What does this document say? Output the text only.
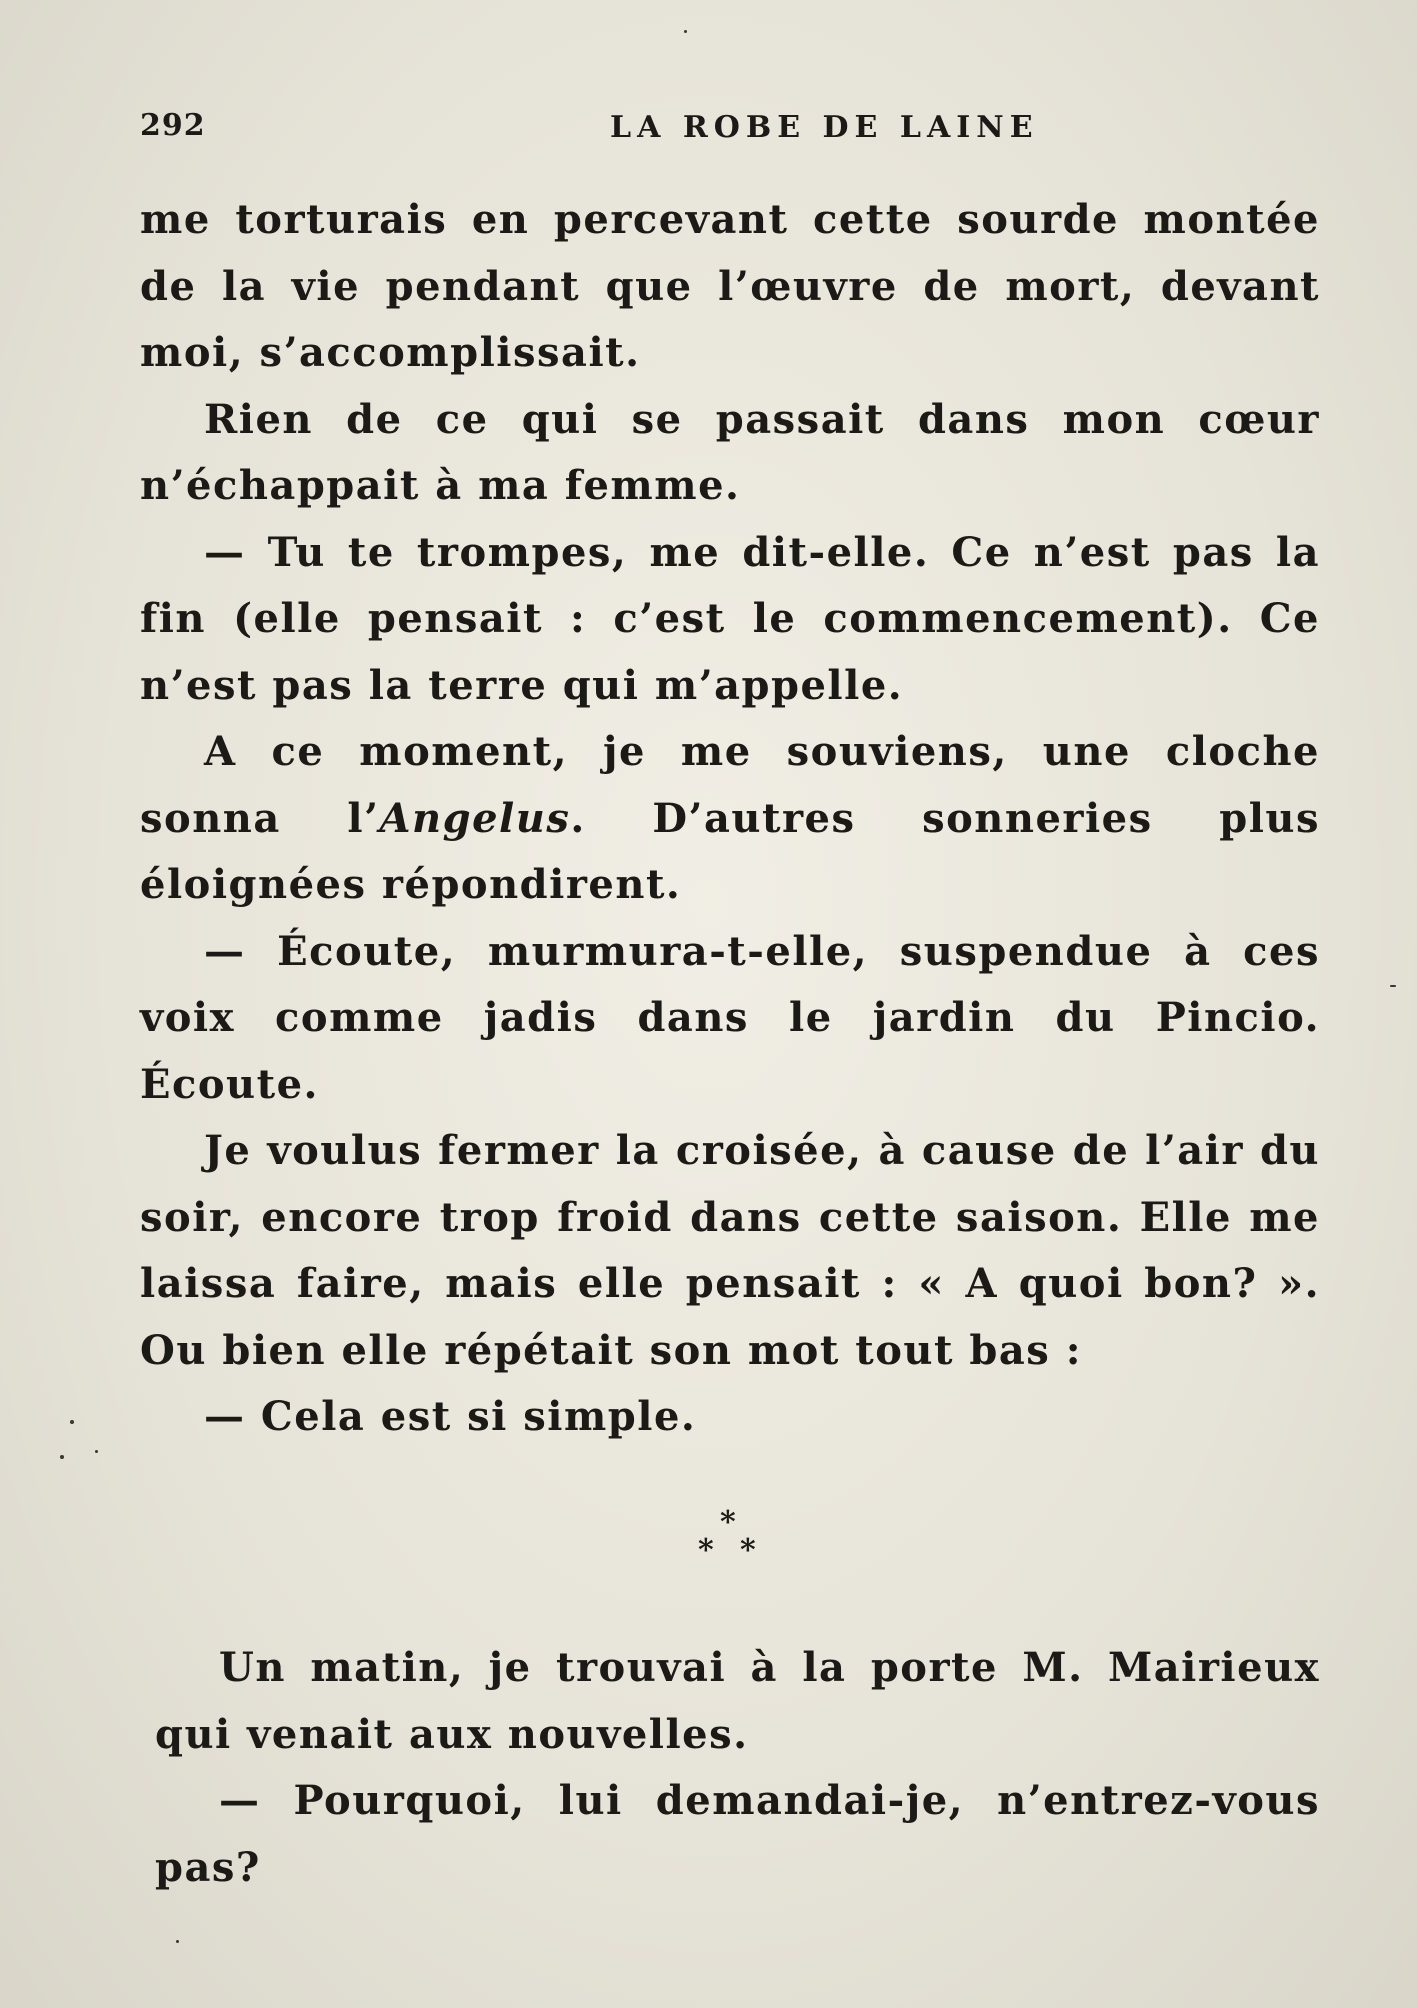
292	LA ROBE DE LAINE

me torturais en percevant cette sourde montée de la vie pendant que l’œuvre de mort, devant moi, s’accomplissait.

Rien de ce qui se passait dans mon cœur n’échappait à ma femme.

— Tu te trompes, me dit-elle. Ce n’est pas la fin (elle pensait : c’est le commencement). Ce n’est pas la terre qui m’appelle.

A ce moment, je me souviens, une cloche sonna l’Angelus. D’autres sonneries plus éloignées répondirent.

— Écoute, murmura-t-elle, suspendue à ces voix comme jadis dans le jardin du Pincio. Écoute.

Je voulus fermer la croisée, à cause de l’air du soir, encore trop froid dans cette saison. Elle me laissa faire, mais elle pensait : « A quoi bon? ». Ou bien elle répétait son mot tout bas :

— Cela est si simple.

*
* *

Un matin, je trouvai à la porte M. Mairieux qui venait aux nouvelles.

— Pourquoi, lui demandai-je, n’entrez-vous pas?
